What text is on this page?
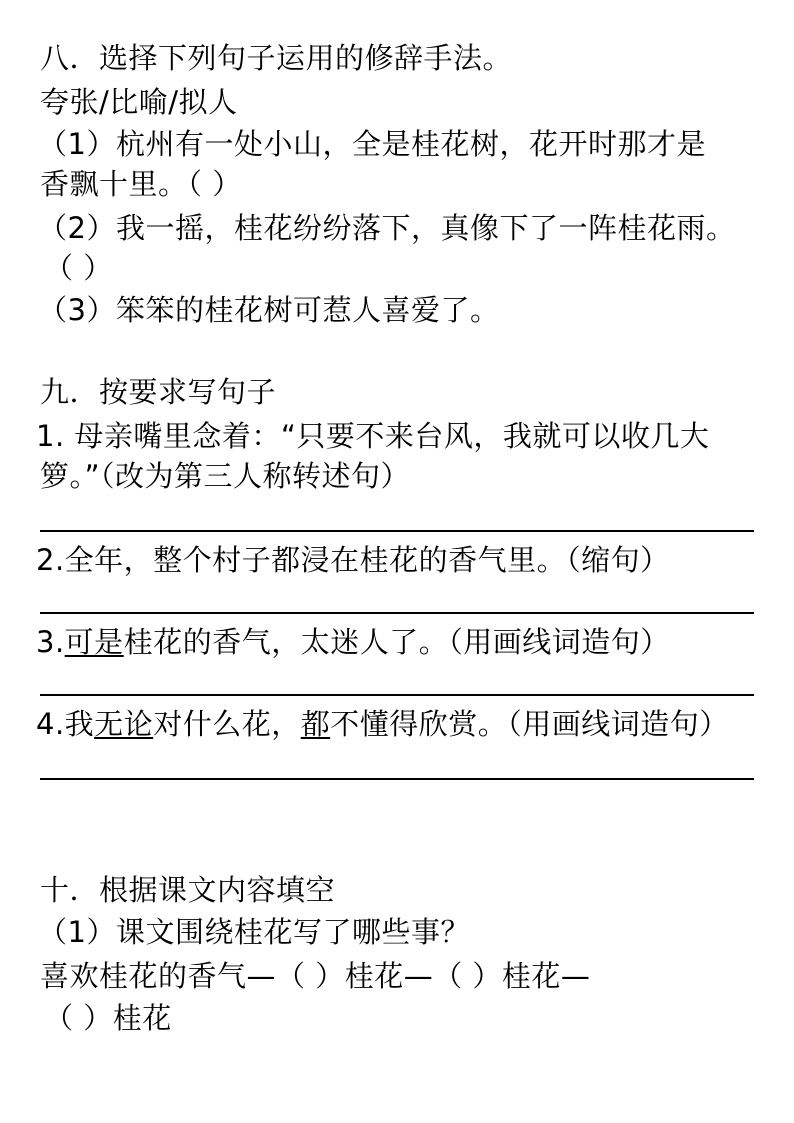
八．选择下列句子运用的修辞手法。
夸张/比喻/拟人
（1）杭州有一处小山，全是桂花树，花开时那才是
香飘十里。（ ）
（2）我一摇，桂花纷纷落下，真像下了一阵桂花雨。
（ ）
（3）笨笨的桂花树可惹人喜爱了。
九．按要求写句子
1. 母亲嘴里念着：“只要不来台风，我就可以收几大
箩。”（改为第三人称转述句）
2.全年，整个村子都浸在桂花的香气里。（缩句）
3.可是桂花的香气，太迷人了。（用画线词造句）
4.我无论对什么花，都不懂得欣赏。（用画线词造句）
十．根据课文内容填空
（1）课文围绕桂花写了哪些事？
喜欢桂花的香气—（ ）桂花—（ ）桂花—
（ ）桂花
